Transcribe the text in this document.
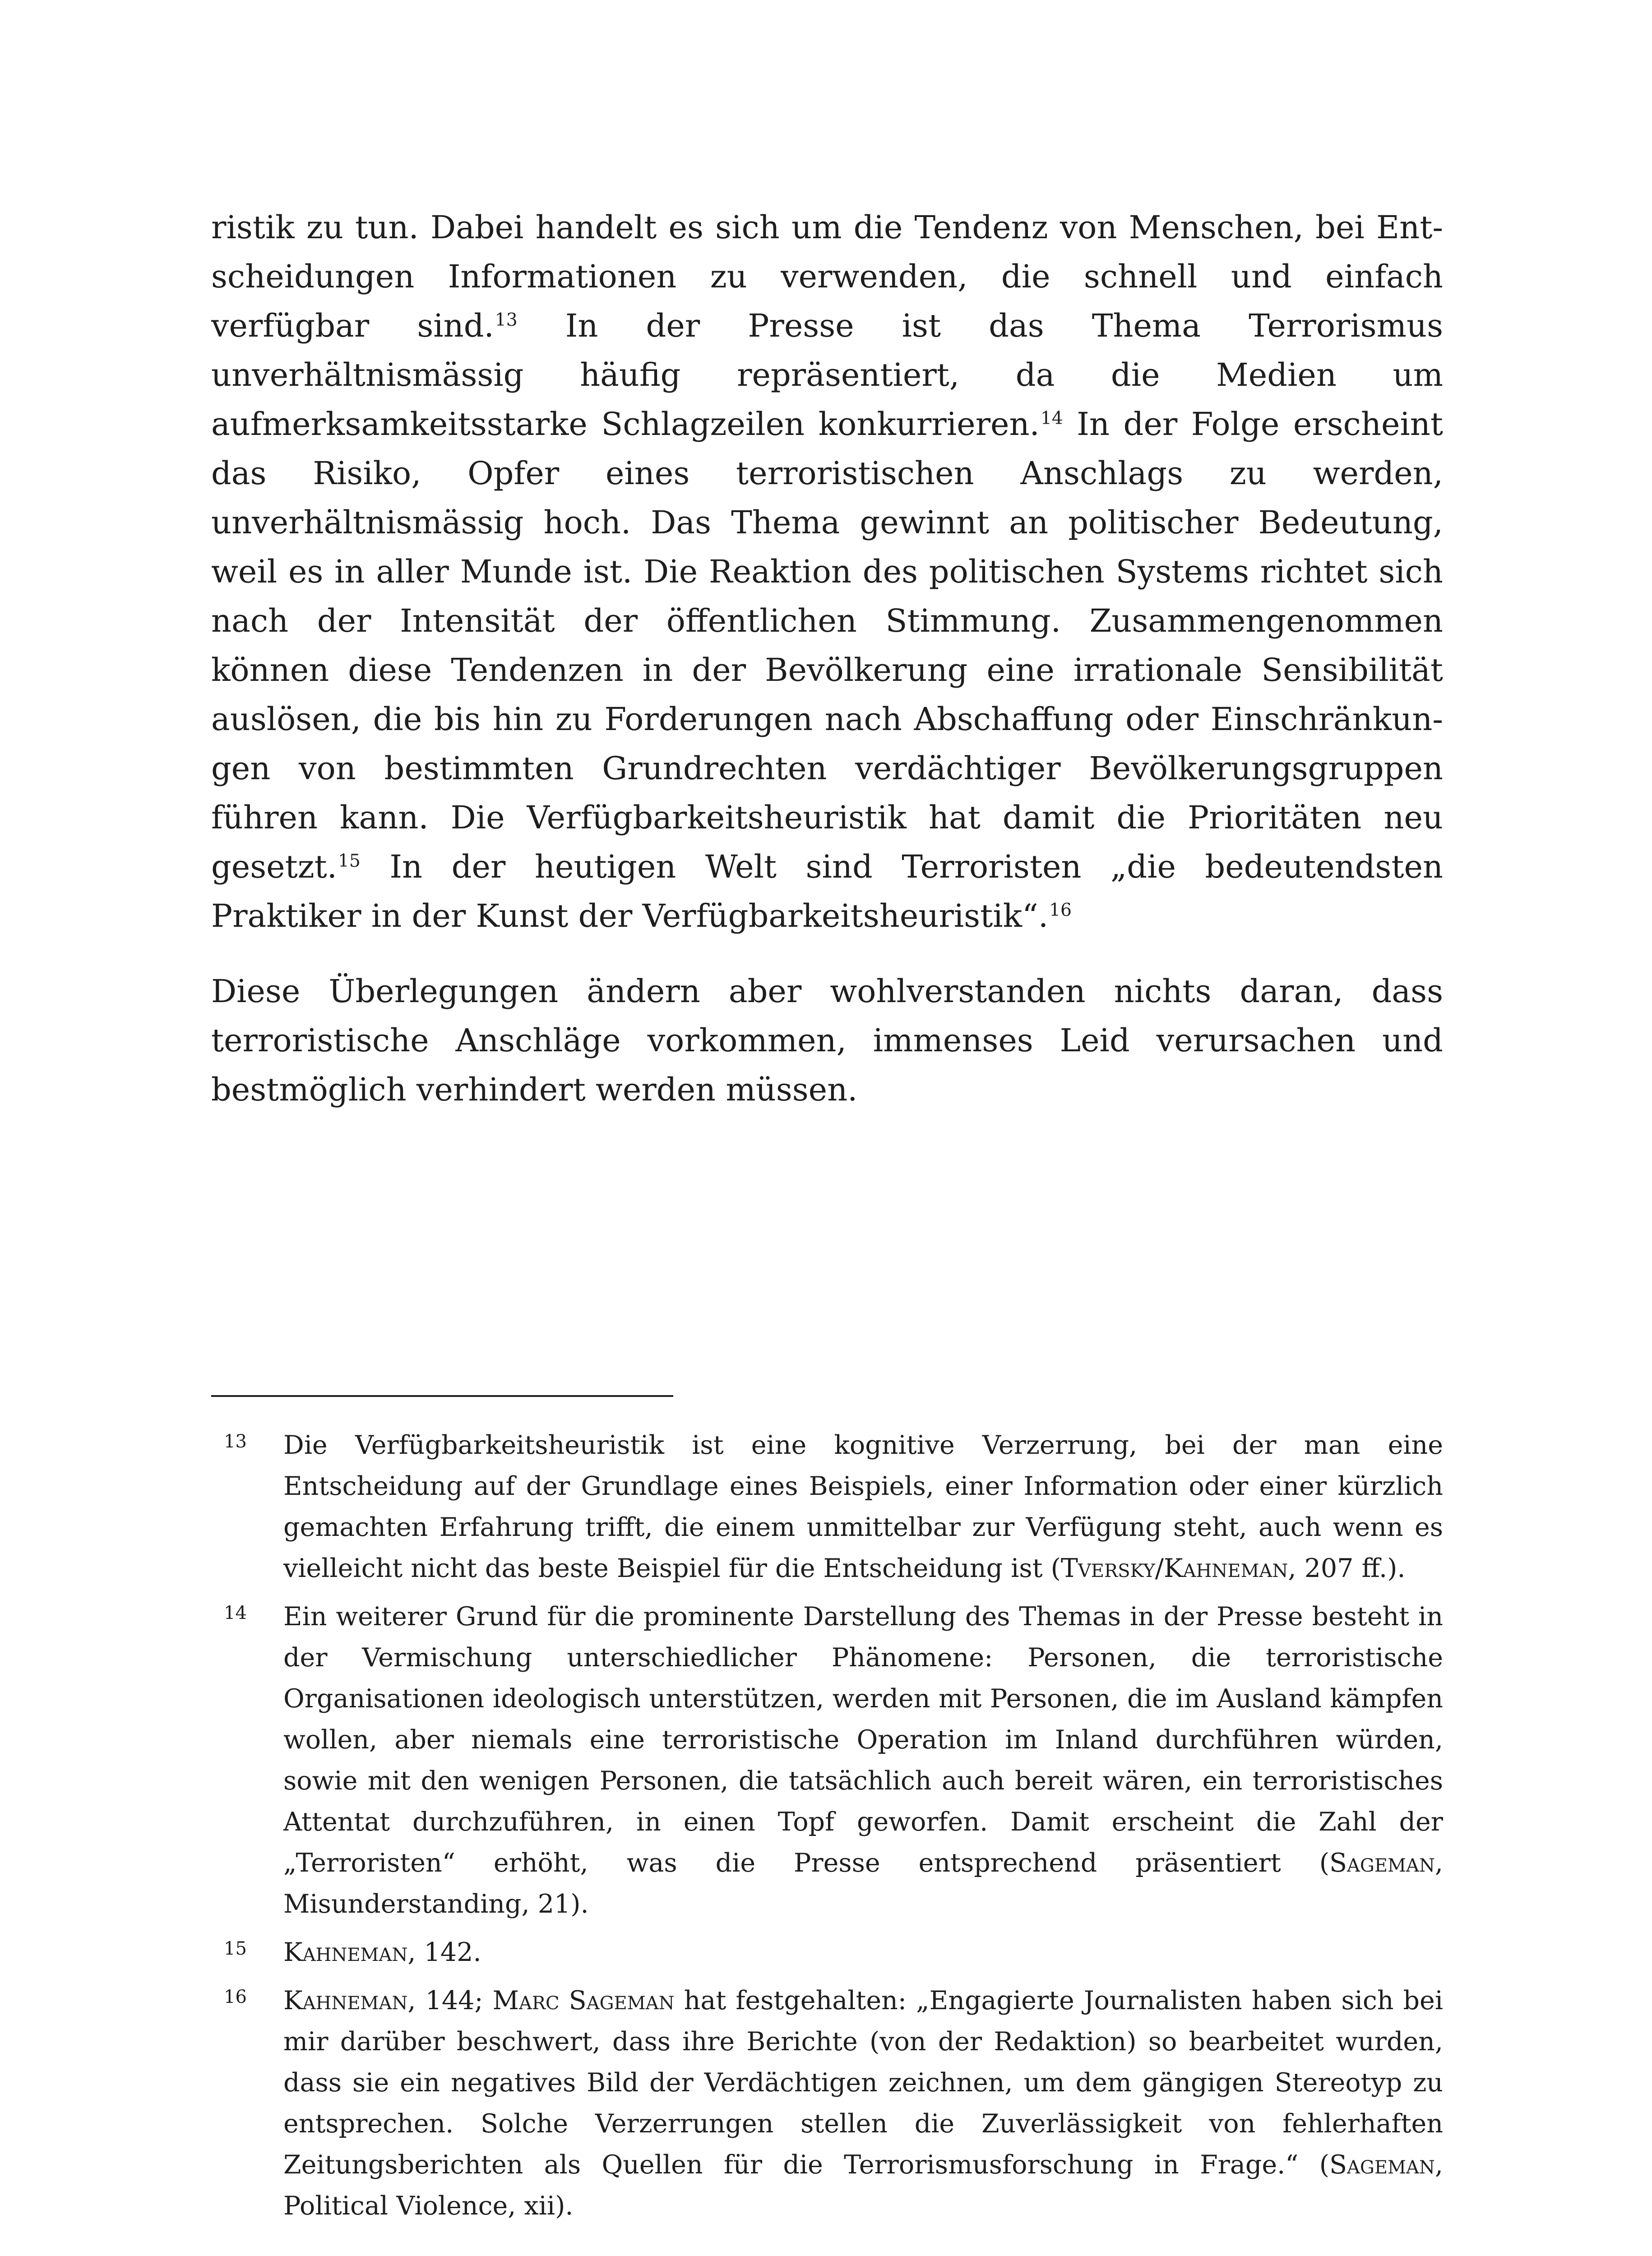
ristik zu tun. Dabei handelt es sich um die Tendenz von Menschen, bei Entscheidungen Informationen zu verwenden, die schnell und einfach verfügbar sind.$^{13}$ In der Presse ist das Thema Terrorismus unverhältnismässig häufig repräsentiert, da die Medien um aufmerksamkeitsstarke Schlagzeilen konkurrieren.$^{14}$ In der Folge erscheint das Risiko, Opfer eines terroristischen Anschlags zu werden, unverhältnismässig hoch. Das Thema gewinnt an politischer Bedeutung, weil es in aller Munde ist. Die Reaktion des politischen Systems richtet sich nach der Intensität der öffentlichen Stimmung. Zusammengenommen können diese Tendenzen in der Bevölkerung eine irrationale Sensibilität auslösen, die bis hin zu Forderungen nach Abschaffung oder Einschränkungen von bestimmten Grundrechten verdächtiger Bevölkerungsgruppen führen kann. Die Verfügbarkeitsheuristik hat damit die Prioritäten neu gesetzt.$^{15}$ In der heutigen Welt sind Terroristen „die bedeutendsten Praktiker in der Kunst der Verfügbarkeitsheuristik“.$^{16}$

Diese Überlegungen ändern aber wohlverstanden nichts daran, dass terroristische Anschläge vorkommen, immenses Leid verursachen und bestmöglich verhindert werden müssen.

13 Die Verfügbarkeitsheuristik ist eine kognitive Verzerrung, bei der man eine Entscheidung auf der Grundlage eines Beispiels, einer Information oder einer kürzlich gemachten Erfahrung trifft, die einem unmittelbar zur Verfügung steht, auch wenn es vielleicht nicht das beste Beispiel für die Entscheidung ist (Tversky/Kahneman, 207 ff.).
14 Ein weiterer Grund für die prominente Darstellung des Themas in der Presse besteht in der Vermischung unterschiedlicher Phänomene: Personen, die terroristische Organisationen ideologisch unterstützen, werden mit Personen, die im Ausland kämpfen wollen, aber niemals eine terroristische Operation im Inland durchführen würden, sowie mit den wenigen Personen, die tatsächlich auch bereit wären, ein terroristisches Attentat durchzuführen, in einen Topf geworfen. Damit erscheint die Zahl der „Terroristen“ erhöht, was die Presse entsprechend präsentiert (Sageman, Misunderstanding, 21).
15 Kahneman, 142.
16 Kahneman, 144; Marc Sageman hat festgehalten: „Engagierte Journalisten haben sich bei mir darüber beschwert, dass ihre Berichte (von der Redaktion) so bearbeitet wurden, dass sie ein negatives Bild der Verdächtigen zeichnen, um dem gängigen Stereotyp zu entsprechen. Solche Verzerrungen stellen die Zuverlässigkeit von fehlerhaften Zeitungsberichten als Quellen für die Terrorismusforschung in Frage.“ (Sageman, Political Violence, xii).
